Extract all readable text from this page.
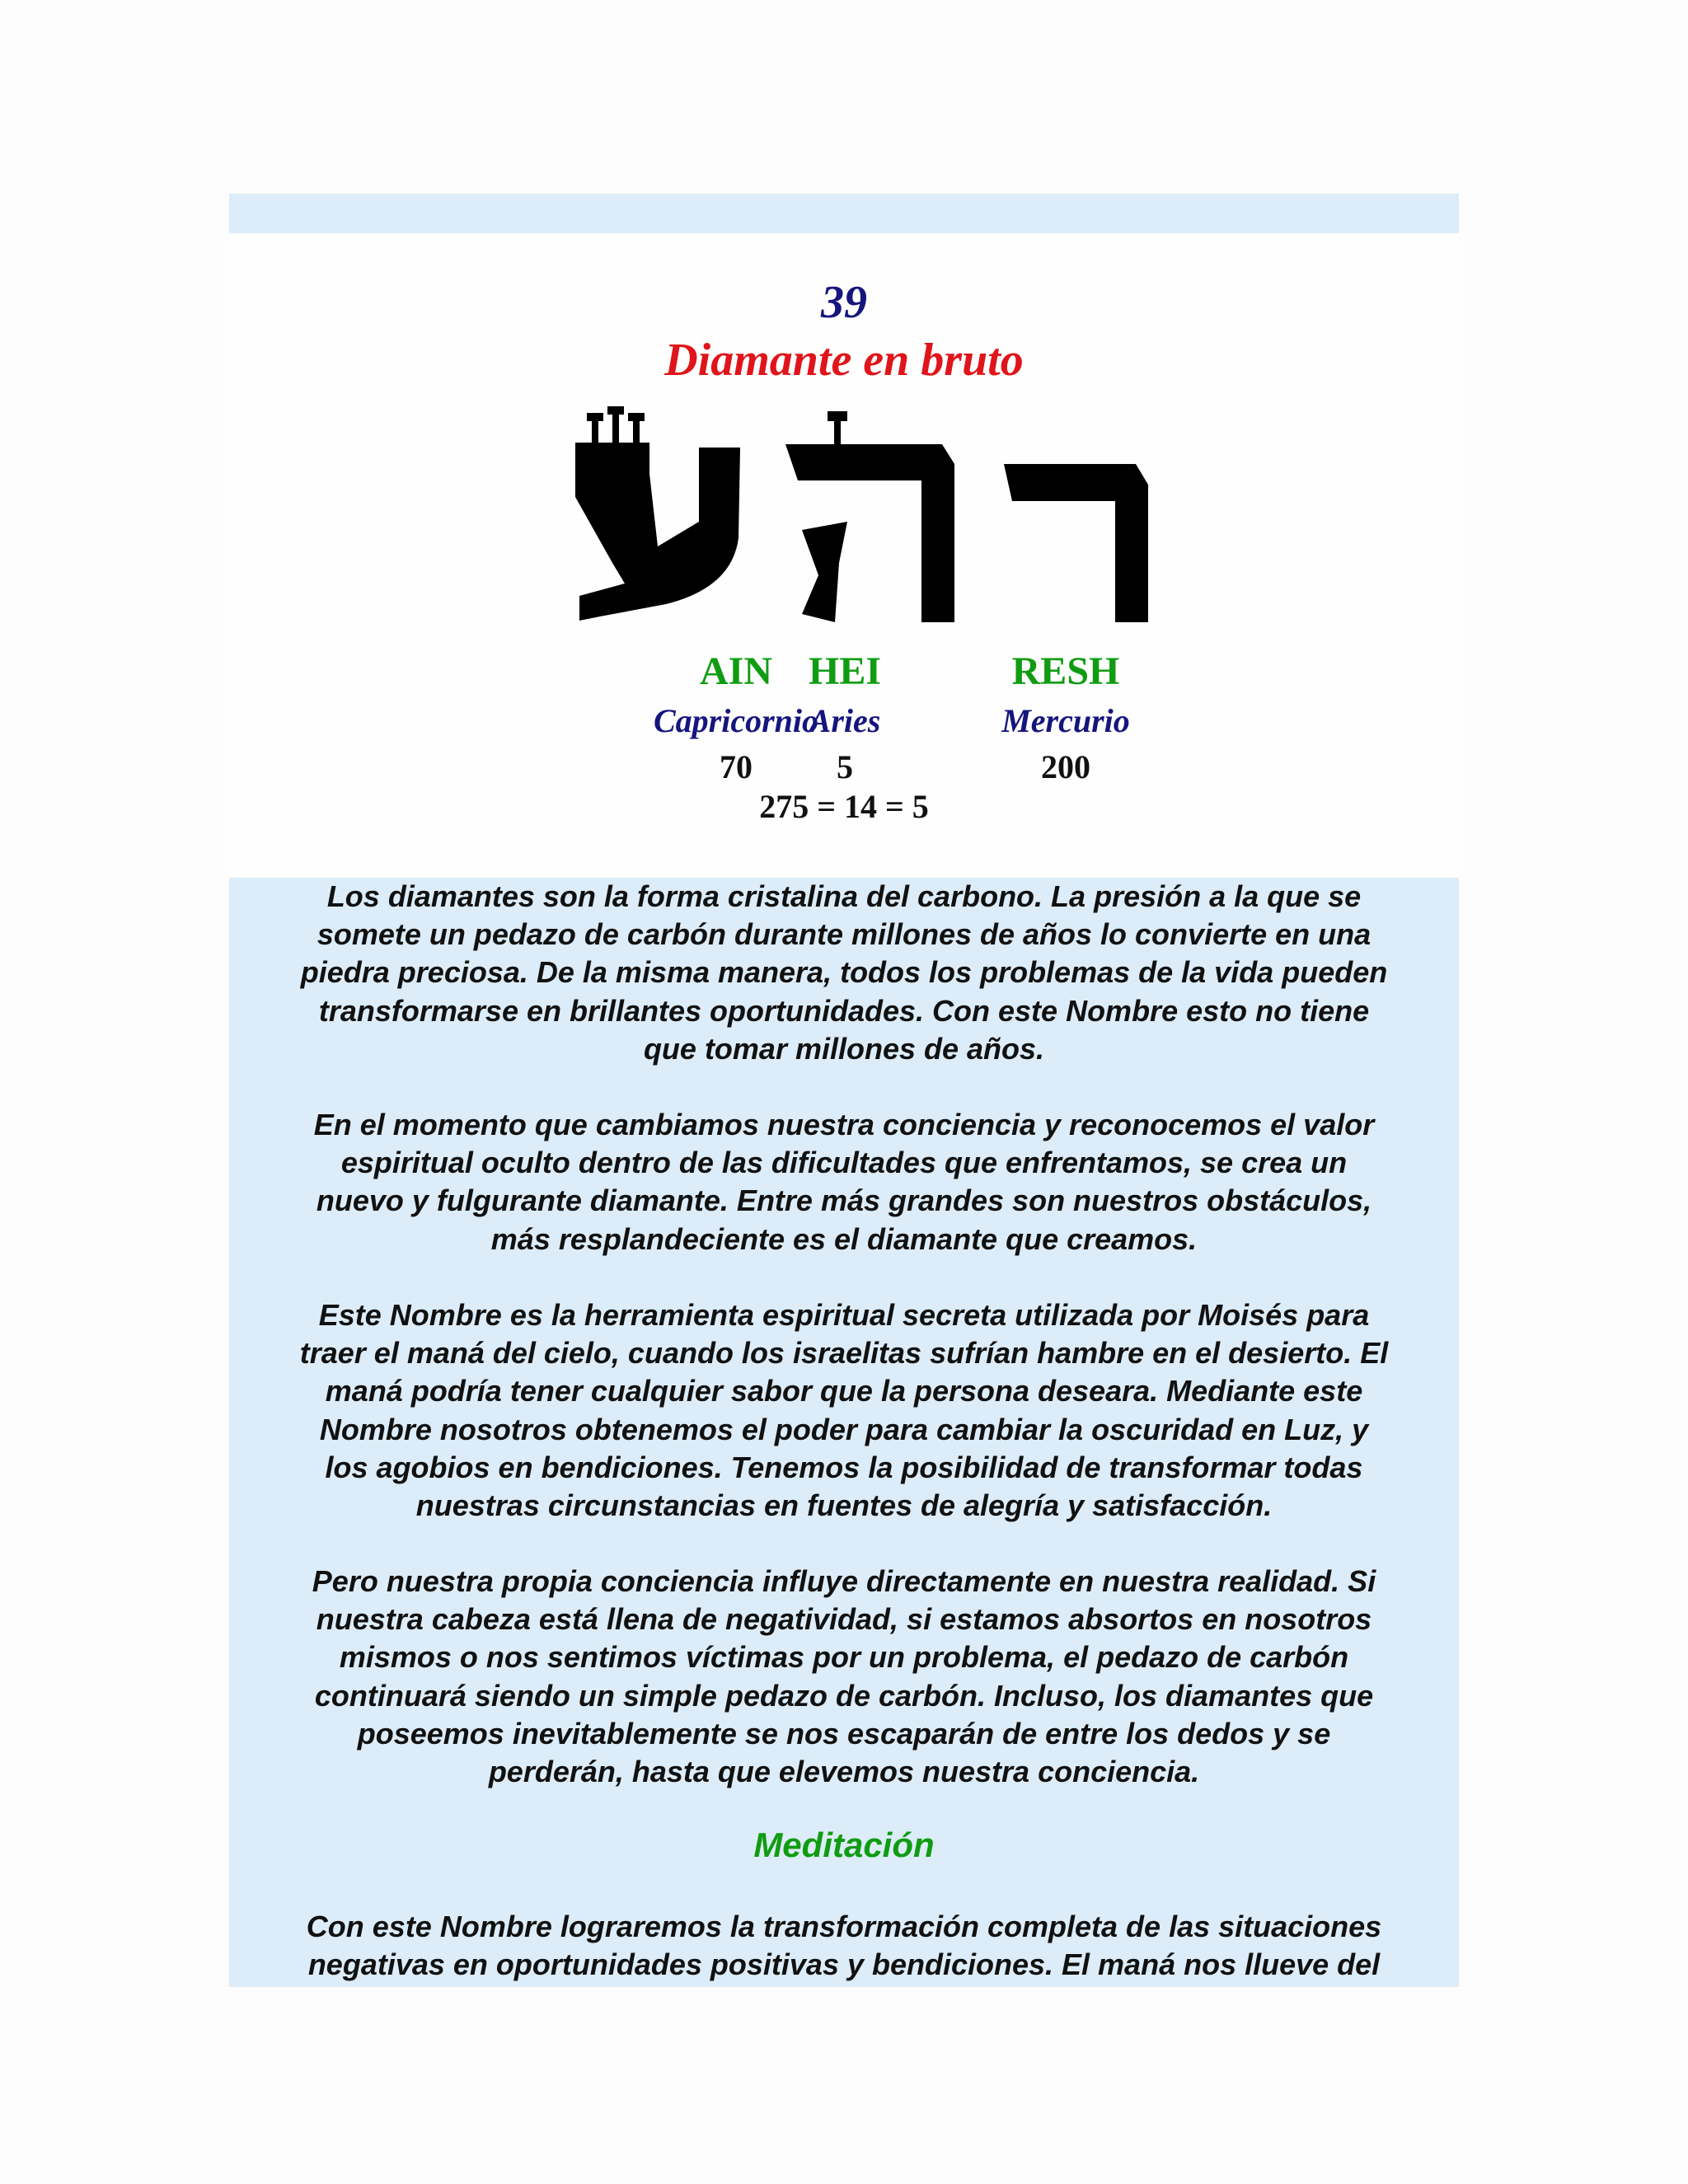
39
Diamante en bruto
AIN
Capricornio
70
HEI
Aries
5
RESH
Mercurio
200
275 = 14 = 5

Los diamantes son la forma cristalina del carbono. La presión a la que se
somete un pedazo de carbón durante millones de años lo convierte en una
piedra preciosa. De la misma manera, todos los problemas de la vida pueden
transformarse en brillantes oportunidades. Con este Nombre esto no tiene
que tomar millones de años.

En el momento que cambiamos nuestra conciencia y reconocemos el valor
espiritual oculto dentro de las dificultades que enfrentamos, se crea un
nuevo y fulgurante diamante. Entre más grandes son nuestros obstáculos,
más resplandeciente es el diamante que creamos.

Este Nombre es la herramienta espiritual secreta utilizada por Moisés para
traer el maná del cielo, cuando los israelitas sufrían hambre en el desierto. El
maná podría tener cualquier sabor que la persona deseara. Mediante este
Nombre nosotros obtenemos el poder para cambiar la oscuridad en Luz, y
los agobios en bendiciones. Tenemos la posibilidad de transformar todas
nuestras circunstancias en fuentes de alegría y satisfacción.

Pero nuestra propia conciencia influye directamente en nuestra realidad. Si
nuestra cabeza está llena de negatividad, si estamos absortos en nosotros
mismos o nos sentimos víctimas por un problema, el pedazo de carbón
continuará siendo un simple pedazo de carbón. Incluso, los diamantes que
poseemos inevitablemente se nos escaparán de entre los dedos y se
perderán, hasta que elevemos nuestra conciencia.

Meditación

Con este Nombre lograremos la transformación completa de las situaciones
negativas en oportunidades positivas y bendiciones. El maná nos llueve del
